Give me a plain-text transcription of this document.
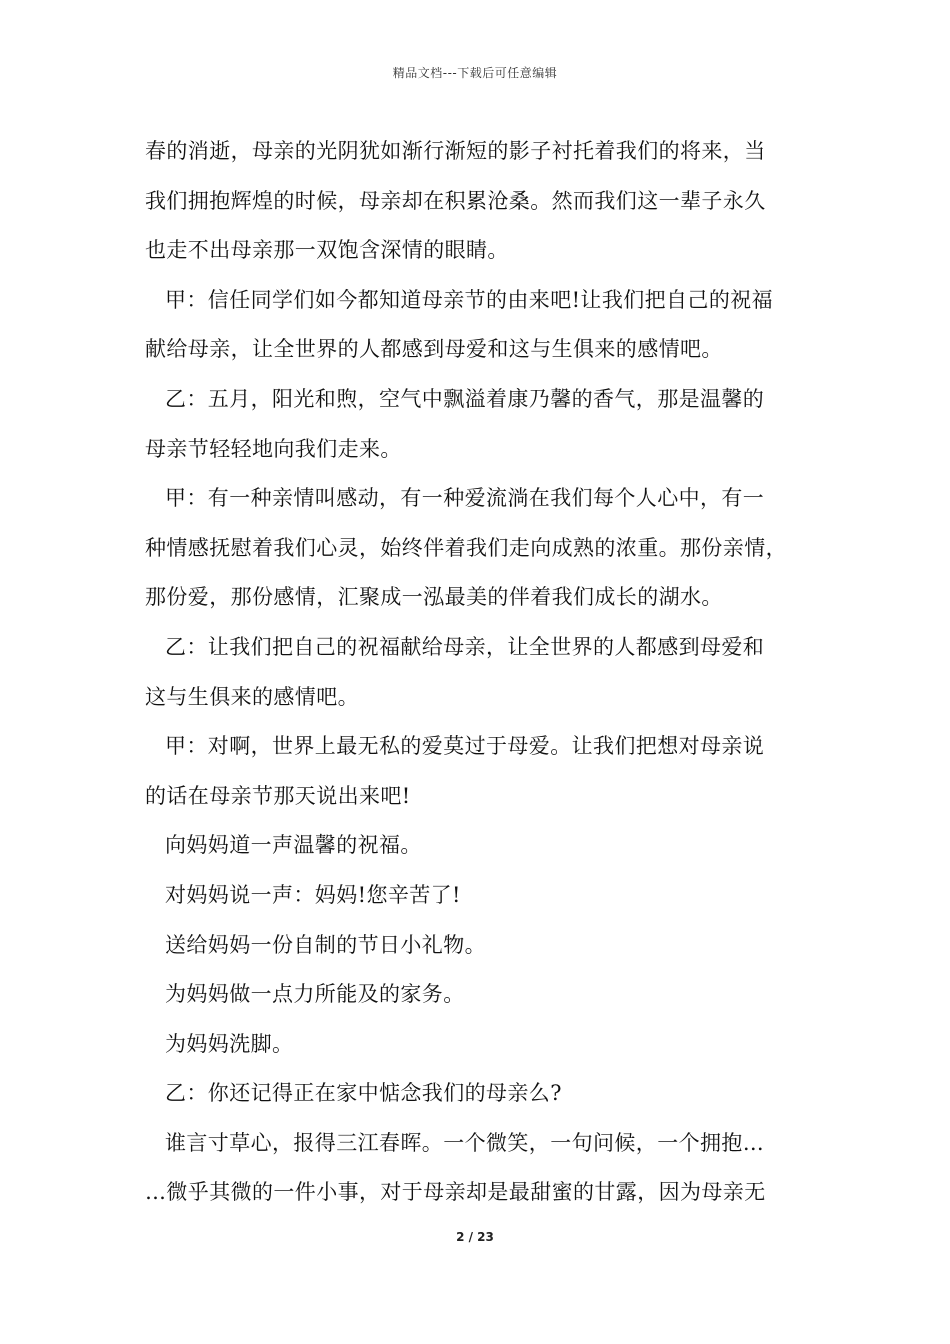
精品文档---下载后可任意编辑
春的消逝，母亲的光阴犹如渐行渐短的影子衬托着我们的将来，当
我们拥抱辉煌的时候，母亲却在积累沧桑。然而我们这一辈子永久
也走不出母亲那一双饱含深情的眼睛。
甲：信任同学们如今都知道母亲节的由来吧!让我们把自己的祝福
献给母亲，让全世界的人都感到母爱和这与生俱来的感情吧。
乙：五月，阳光和煦，空气中飘溢着康乃馨的香气，那是温馨的
母亲节轻轻地向我们走来。
甲：有一种亲情叫感动，有一种爱流淌在我们每个人心中，有一
种情感抚慰着我们心灵，始终伴着我们走向成熟的浓重。那份亲情，
那份爱，那份感情，汇聚成一泓最美的伴着我们成长的湖水。
乙：让我们把自己的祝福献给母亲，让全世界的人都感到母爱和
这与生俱来的感情吧。
甲：对啊，世界上最无私的爱莫过于母爱。让我们把想对母亲说
的话在母亲节那天说出来吧!
向妈妈道一声温馨的祝福。
对妈妈说一声：妈妈!您辛苦了!
送给妈妈一份自制的节日小礼物。
为妈妈做一点力所能及的家务。
为妈妈洗脚。
乙：你还记得正在家中惦念我们的母亲么?
谁言寸草心，报得三江春晖。一个微笑，一句问候，一个拥抱…
…微乎其微的一件小事，对于母亲却是最甜蜜的甘露，因为母亲无
2 / 23
